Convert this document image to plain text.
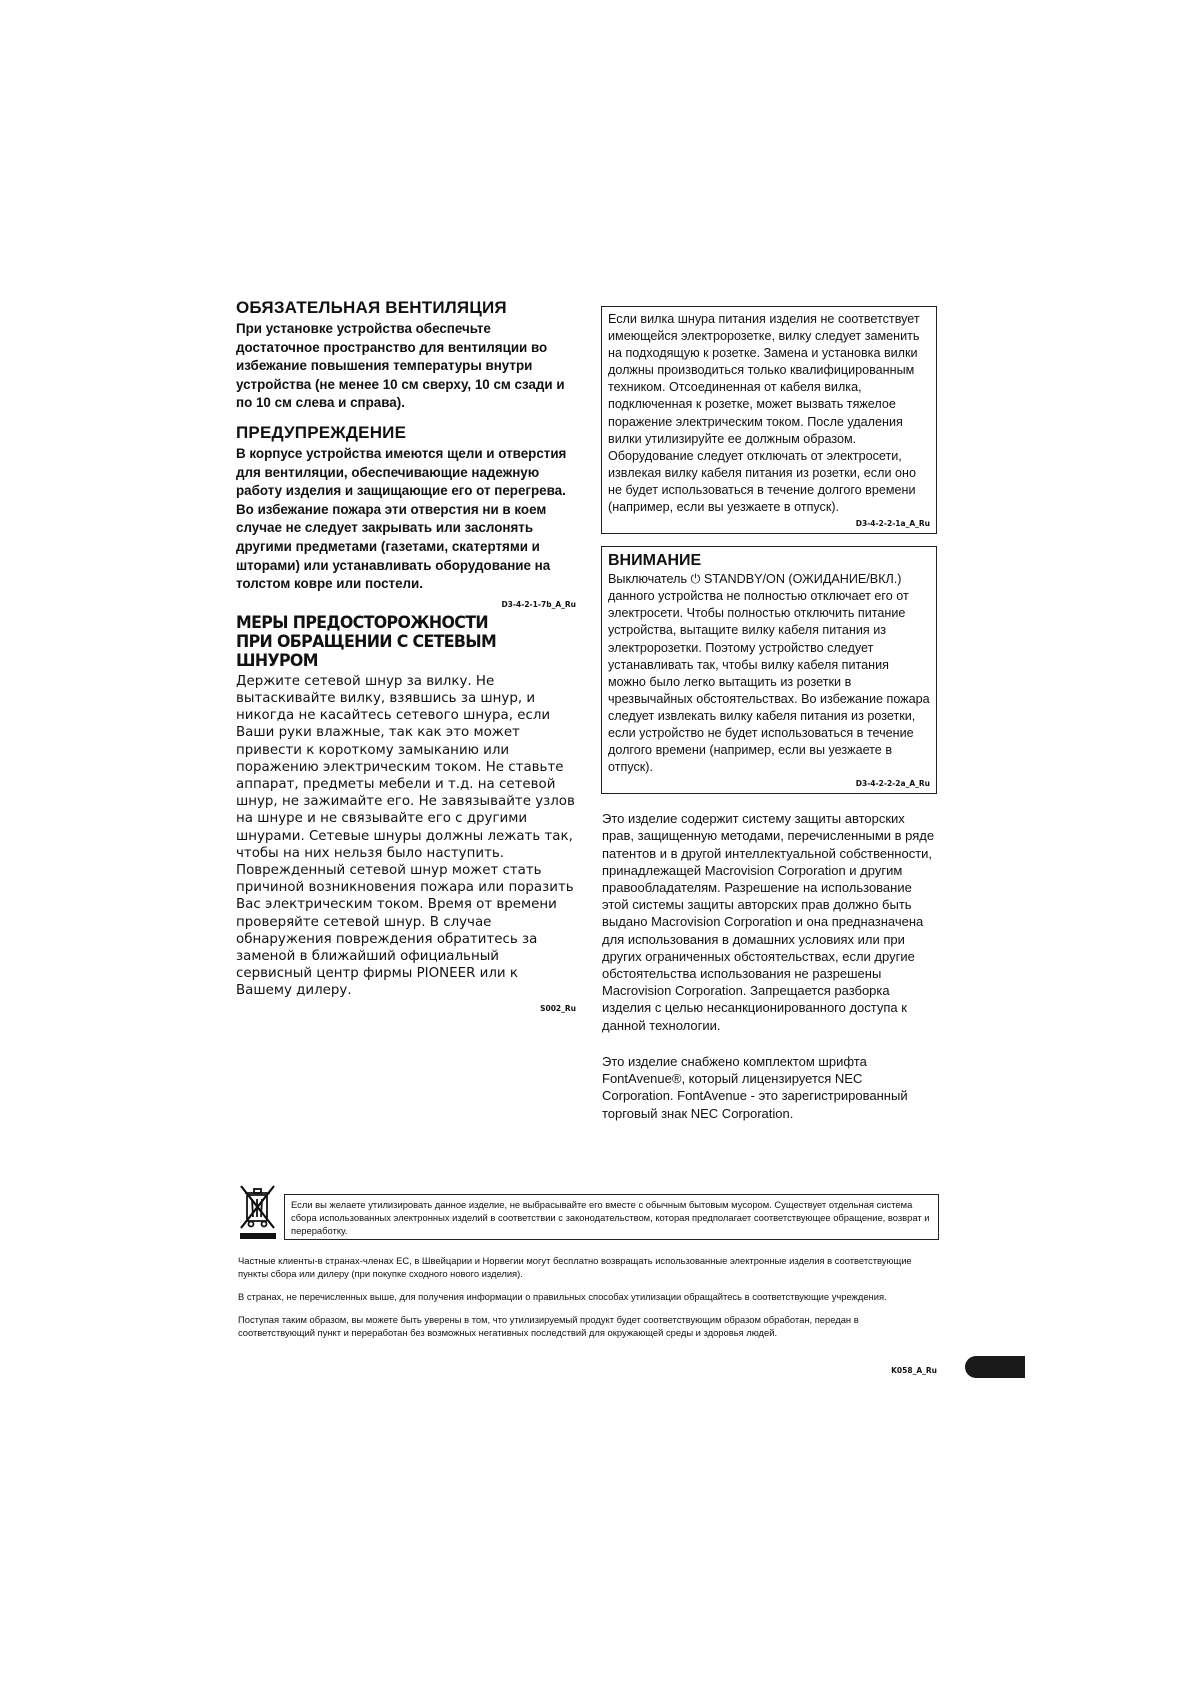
ОБЯЗАТЕЛЬНАЯ ВЕНТИЛЯЦИЯ

При установке устройства обеспечьте достаточное пространство для вентиляции во избежание повышения температуры внутри устройства (не менее 10 см сверху, 10 см сзади и по 10 см слева и справа).

ПРЕДУПРЕЖДЕНИЕ

В корпусе устройства имеются щели и отверстия для вентиляции, обеспечивающие надежную работу изделия и защищающие его от перегрева. Во избежание пожара эти отверстия ни в коем случае не следует закрывать или заслонять другими предметами (газетами, скатертями и шторами) или устанавливать оборудование на толстом ковре или постели.

D3-4-2-1-7b_A_Ru
МЕРЫ ПРЕДОСТОРОЖНОСТИ ПРИ ОБРАЩЕНИИ С СЕТЕВЫМ ШНУРОМ

Держите сетевой шнур за вилку. Не вытаскивайте вилку, взявшись за шнур, и никогда не касайтесь сетевого шнура, если Ваши руки влажные, так как это может привести к короткому замыканию или поражению электрическим током. Не ставьте аппарат, предметы мебели и т.д. на сетевой шнур, не зажимайте его. Не завязывайте узлов на шнуре и не связывайте его с другими шнурами. Сетевые шнуры должны лежать так, чтобы на них нельзя было наступить. Поврежденный сетевой шнур может стать причиной возникновения пожара или поразить Вас электрическим током. Время от времени проверяйте сетевой шнур. В случае обнаружения повреждения обратитесь за заменой в ближайший официальный сервисный центр фирмы PIONEER или к Вашему дилеру.

S002_Ru

Если вилка шнура питания изделия не соответствует имеющейся электророзетке, вилку следует заменить на подходящую к розетке. Замена и установка вилки должны производиться только квалифицированным техником. Отсоединенная от кабеля вилка, подключенная к розетке, может вызвать тяжелое поражение электрическим током. После удаления вилки утилизируйте ее должным образом. Оборудование следует отключать от электросети, извлекая вилку кабеля питания из розетки, если оно не будет использоваться в течение долгого времени (например, если вы уезжаете в отпуск).

D3-4-2-2-1a_A_Ru
ВНИМАНИЕ

Выключатель ⏻ STANDBY/ON (ОЖИДАНИЕ/ВКЛ.) данного устройства не полностью отключает его от электросети. Чтобы полностью отключить питание устройства, вытащите вилку кабеля питания из электророзетки. Поэтому устройство следует устанавливать так, чтобы вилку кабеля питания можно было легко вытащить из розетки в чрезвычайных обстоятельствах. Во избежание пожара следует извлекать вилку кабеля питания из розетки, если устройство не будет использоваться в течение долгого времени (например, если вы уезжаете в отпуск).

D3-4-2-2-2a_A_Ru

Это изделие содержит систему защиты авторских прав, защищенную методами, перечисленными в ряде патентов и в другой интеллектуальной собственности, принадлежащей Macrovision Corporation и другим правообладателям. Разрешение на использование этой системы защиты авторских прав должно быть выдано Macrovision Corporation и она предназначена для использования в домашних условиях или при других ограниченных обстоятельствах, если другие обстоятельства использования не разрешены Macrovision Corporation. Запрещается разборка изделия с целью несанкционированного доступа к данной технологии.

Это изделие снабжено комплектом шрифта FontAvenue®, который лицензируется NEC Corporation. FontAvenue - это зарегистрированный торговый знак NEC Corporation.

Если вы желаете утилизировать данное изделие, не выбрасывайте его вместе с обычным бытовым мусором. Существует отдельная система сбора использованных электронных изделий в соответствии с законодательством, которая предполагает соответствующее обращение, возврат и переработку.

Частные клиенты-в странах-членах ЕС, в Швейцарии и Норвегии могут бесплатно возвращать использованные электронные изделия в соответствующие пункты сбора или дилеру (при покупке сходного нового изделия).

В странах, не перечисленных выше, для получения информации о правильных способах утилизации обращайтесь в соответствующие учреждения.

Поступая таким образом, вы можете быть уверены в том, что утилизируемый продукт будет соответствующим образом обработан, передан в соответствующий пункт и переработан без возможных негативных последствий для окружающей среды и здоровья людей.

K058_A_Ru
